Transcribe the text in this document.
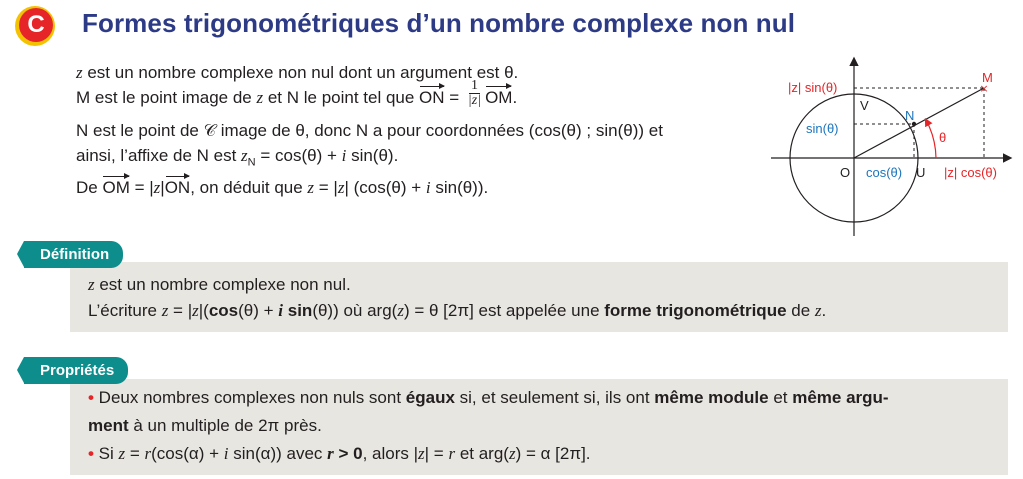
C	Formes trigonométriques d’un nombre complexe non nul
z est un nombre complexe non nul dont un argument est θ.
M est le point image de z et N le point tel que ON = $\frac{1}{|z|}$ OM.
N est le point de 𝒞 image de θ, donc N a pour coordonnées (cos(θ) ; sin(θ)) et
ainsi, l’affixe de N est $z_N = \cos(\theta) + i$ sin(θ).
De OM = |z|ON, on déduit que z = |z| (cos(θ) + i sin(θ)).
×
M
N
V
O	U
θ
|z| sin(θ)
sin(θ)
cos(θ)	|z| cos(θ)
z est un nombre complexe non nul.
L’écriture z = |z|(cos(θ) + i sin(θ)) où arg(z) = θ [2π] est appelée une forme trigonométrique de z.
Définition
• Deux nombres complexes non nuls sont égaux si, et seulement si, ils ont même module et même argu-
ment à un multiple de 2π près.
• Si z = r(cos(α) + i sin(α)) avec r > 0, alors |z| = r et arg(z) = α [2π].
Propriétés
